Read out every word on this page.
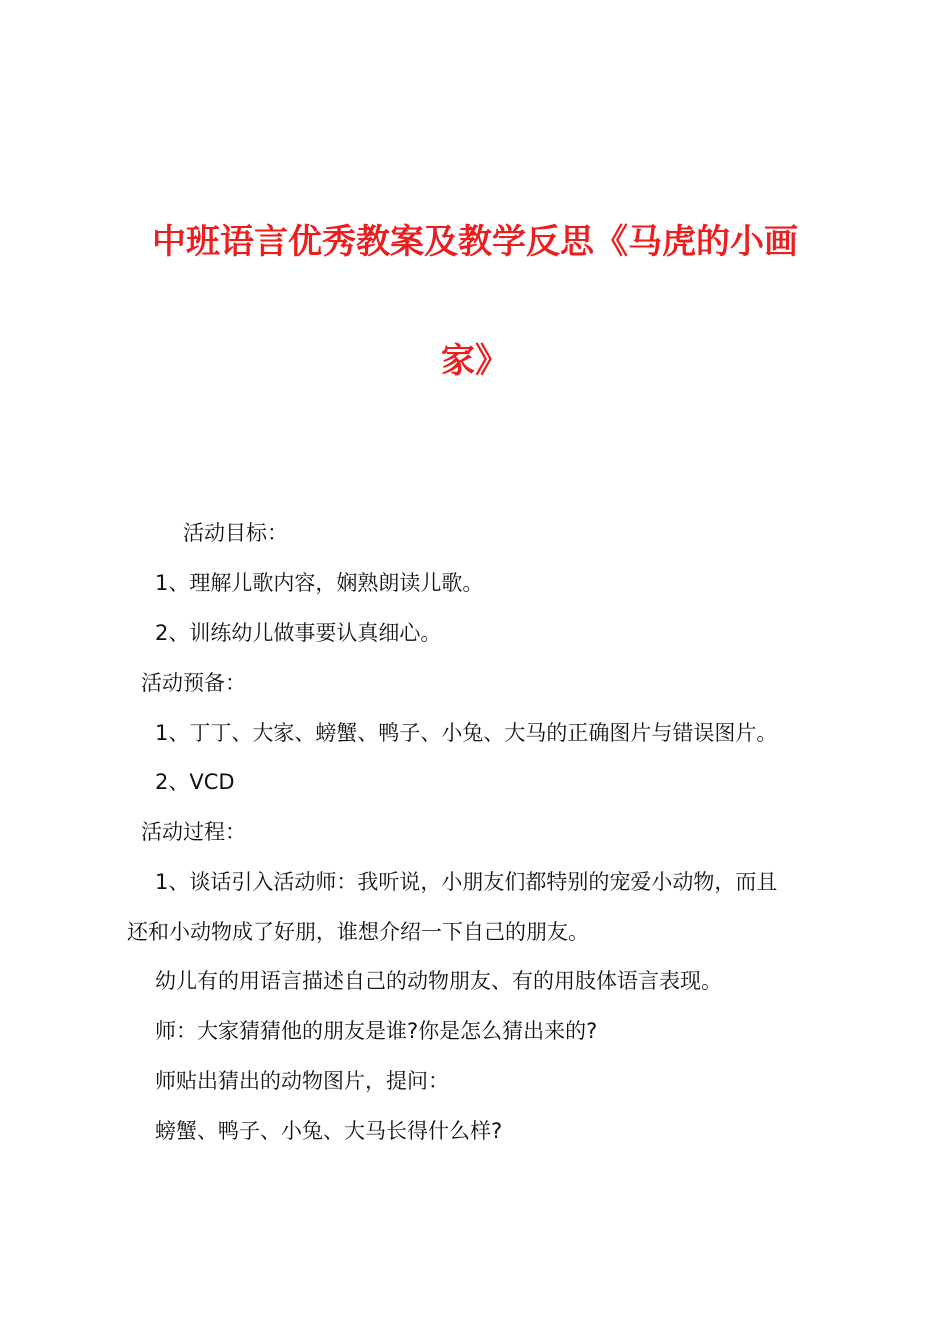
中班语言优秀教案及教学反思《马虎的小画
家》
活动目标：
1、理解儿歌内容，娴熟朗读儿歌。
2、训练幼儿做事要认真细心。
活动预备：
1、丁丁、大家、螃蟹、鸭子、小兔、大马的正确图片与错误图片。
2、VCD
活动过程：
1、谈话引入活动师：我听说，小朋友们都特别的宠爱小动物，而且
还和小动物成了好朋，谁想介绍一下自己的朋友。
幼儿有的用语言描述自己的动物朋友、有的用肢体语言表现。
师：大家猜猜他的朋友是谁?你是怎么猜出来的?
师贴出猜出的动物图片，提问：
螃蟹、鸭子、小兔、大马长得什么样?
